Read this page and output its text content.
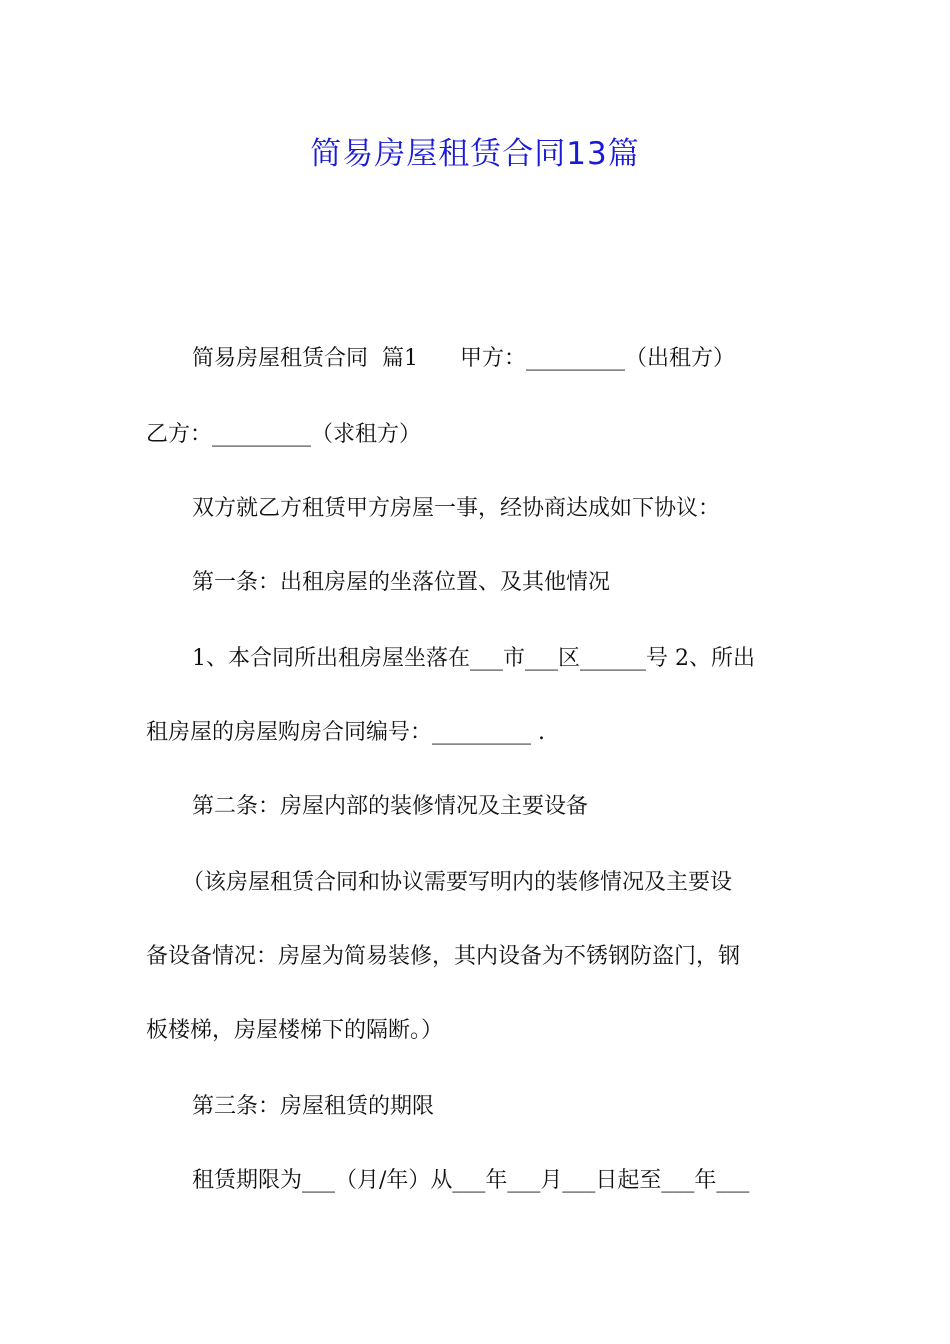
简易房屋租赁合同13篇
简易房屋租赁合同  篇1      甲方：_________（出租方）
乙方：_________（求租方）
双方就乙方租赁甲方房屋一事，经协商达成如下协议：
第一条：出租房屋的坐落位置、及其他情况
1、本合同所出租房屋坐落在___市___区______号 2、所出
租房屋的房屋购房合同编号：_________ .
第二条：房屋内部的装修情况及主要设备
（该房屋租赁合同和协议需要写明内的装修情况及主要设
备设备情况：房屋为简易装修，其内设备为不锈钢防盗门，钢
板楼梯，房屋楼梯下的隔断。）
第三条：房屋租赁的期限
租赁期限为___（月/年）从___年___月___日起至___年___
